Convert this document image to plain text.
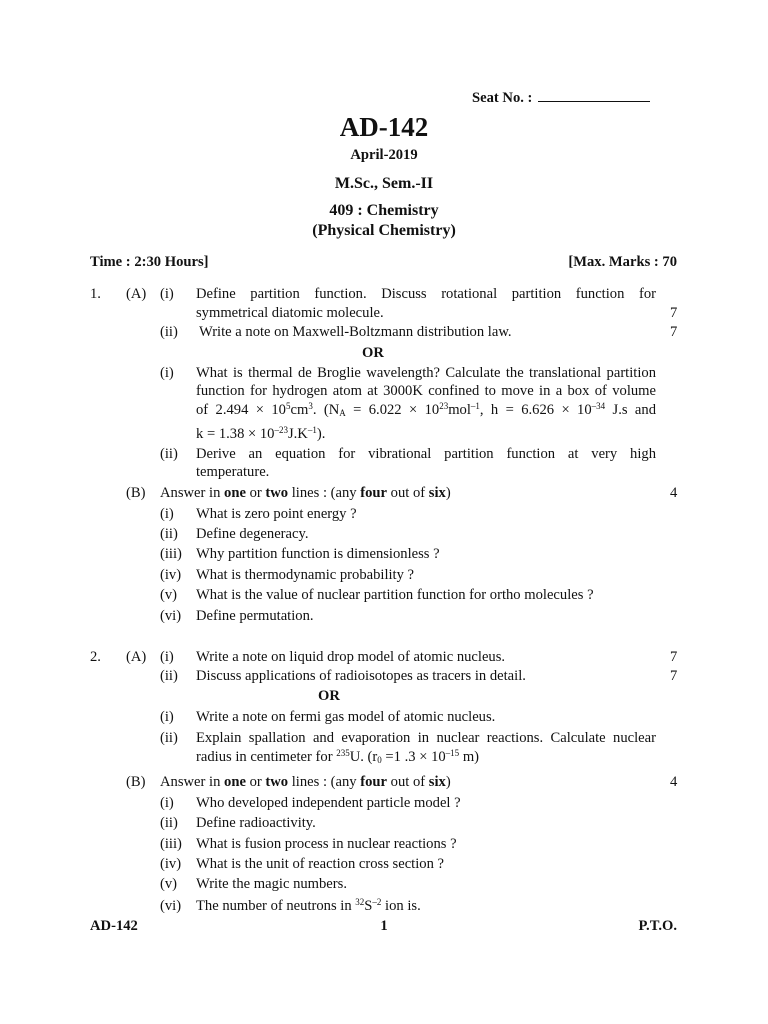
Seat No. :
AD-142
April-2019
M.Sc., Sem.-II
409 : Chemistry
(Physical Chemistry)
Time : 2:30 Hours]	[Max. Marks : 70
1. (A) (i) Define partition function. Discuss rotational partition function for
symmetrical diatomic molecule.	7
(ii) Write a note on Maxwell-Boltzmann distribution law.	7
OR
(i) What is thermal de Broglie wavelength? Calculate the translational partition
function for hydrogen atom at 3000K confined to move in a box of volume
of $2.494 \times 10^5cm^3$. ($N_A = 6.022 \times 10^{23}mol^{-1}$, $h = 6.626 \times 10^{-34}$ J.s and
$k = 1.38 \times 10^{-23}J.K^{-1}$).
(ii) Derive an equation for vibrational partition function at very high
temperature.
(B) Answer in one or two lines : (any four out of six)	4
(i) What is zero point energy ?
(ii) Define degeneracy.
(iii) Why partition function is dimensionless ?
(iv) What is thermodynamic probability ?
(v) What is the value of nuclear partition function for ortho molecules ?
(vi) Define permutation.
2. (A) (i) Write a note on liquid drop model of atomic nucleus.	7
(ii) Discuss applications of radioisotopes as tracers in detail.	7
OR
(i) Write a note on fermi gas model of atomic nucleus.
(ii) Explain spallation and evaporation in nuclear reactions. Calculate nuclear
radius in centimeter for $^{235}$U. ($r_0 =1$ $.3 \times 10^{-15}$ m)
(B) Answer in one or two lines : (any four out of six)	4
(i) Who developed independent particle model ?
(ii) Define radioactivity.
(iii) What is fusion process in nuclear reactions ?
(iv) What is the unit of reaction cross section ?
(v) Write the magic numbers.
(vi) The number of neutrons in $^{32}S^{-2}$ ion is.
AD-142	1	P.T.O.
